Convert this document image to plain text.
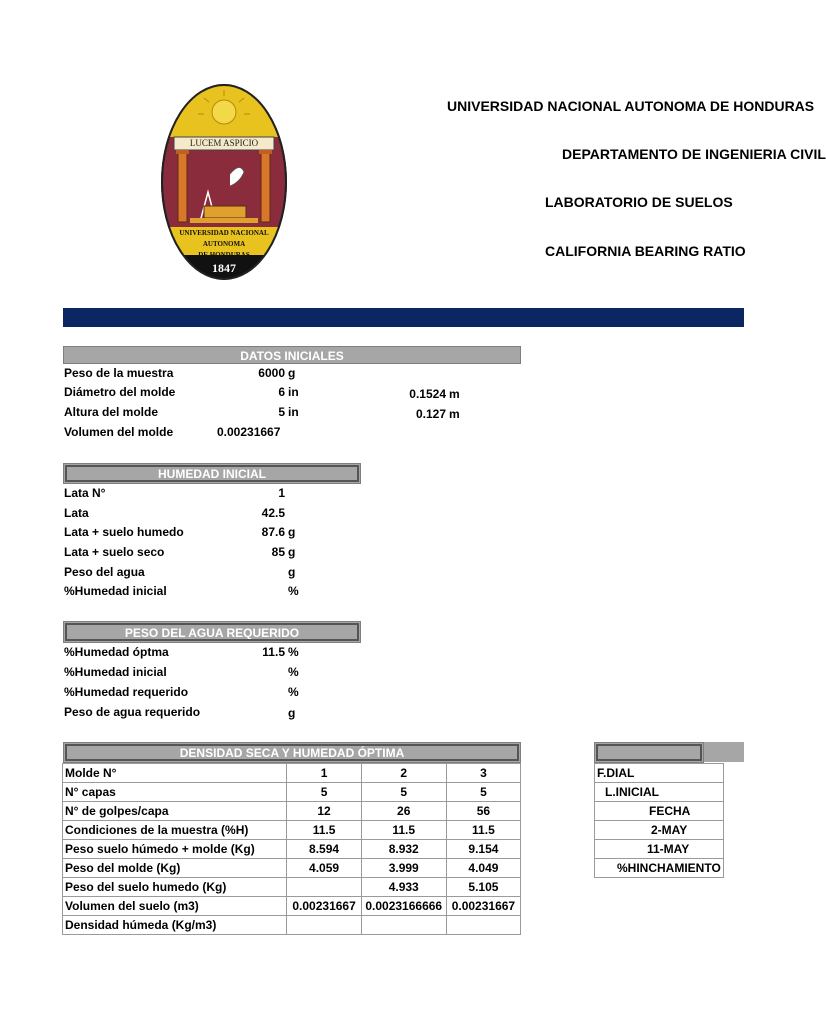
LUCEM ASPICIO
UNIVERSIDAD NACIONAL
AUTONOMA
DE HONDURAS
1847
UNIVERSIDAD NACIONAL AUTONOMA DE HONDURAS
DEPARTAMENTO DE INGENIERIA CIVIL
LABORATORIO DE SUELOS
CALIFORNIA BEARING RATIO
DATOS INICIALES
Peso de la muestra	6000 g
Diámetro del molde	6 in	0.1524 m
Altura del molde	5 in	0.127 m
Volumen del molde	0.00231667
HUMEDAD INICIAL
Lata N°	1
Lata	42.5
Lata + suelo humedo	87.6 g
Lata + suelo seco	85 g
Peso del agua	g
%Humedad inicial	%
PESO DEL AGUA REQUERIDO
%Humedad óptma	11.5 %
%Humedad inicial	%
%Humedad requerido	%
Peso de agua requerido	g
DENSIDAD SECA Y HUMEDAD ÓPTIMA
Molde N°	1	2	3
N° capas	5	5	5
N° de golpes/capa	12	26	56
Condiciones de la muestra (%H)	11.5	11.5	11.5
Peso suelo húmedo + molde (Kg)	8.594	8.932	9.154
Peso del molde (Kg)	4.059	3.999	4.049
Peso del suelo humedo (Kg)		4.933	5.105
Volumen del suelo (m3)	0.00231667	0.0023166666	0.00231667
Densidad húmeda (Kg/m3)			
F.DIAL
L.INICIAL
FECHA
2-MAY
11-MAY
%HINCHAMIENTO
